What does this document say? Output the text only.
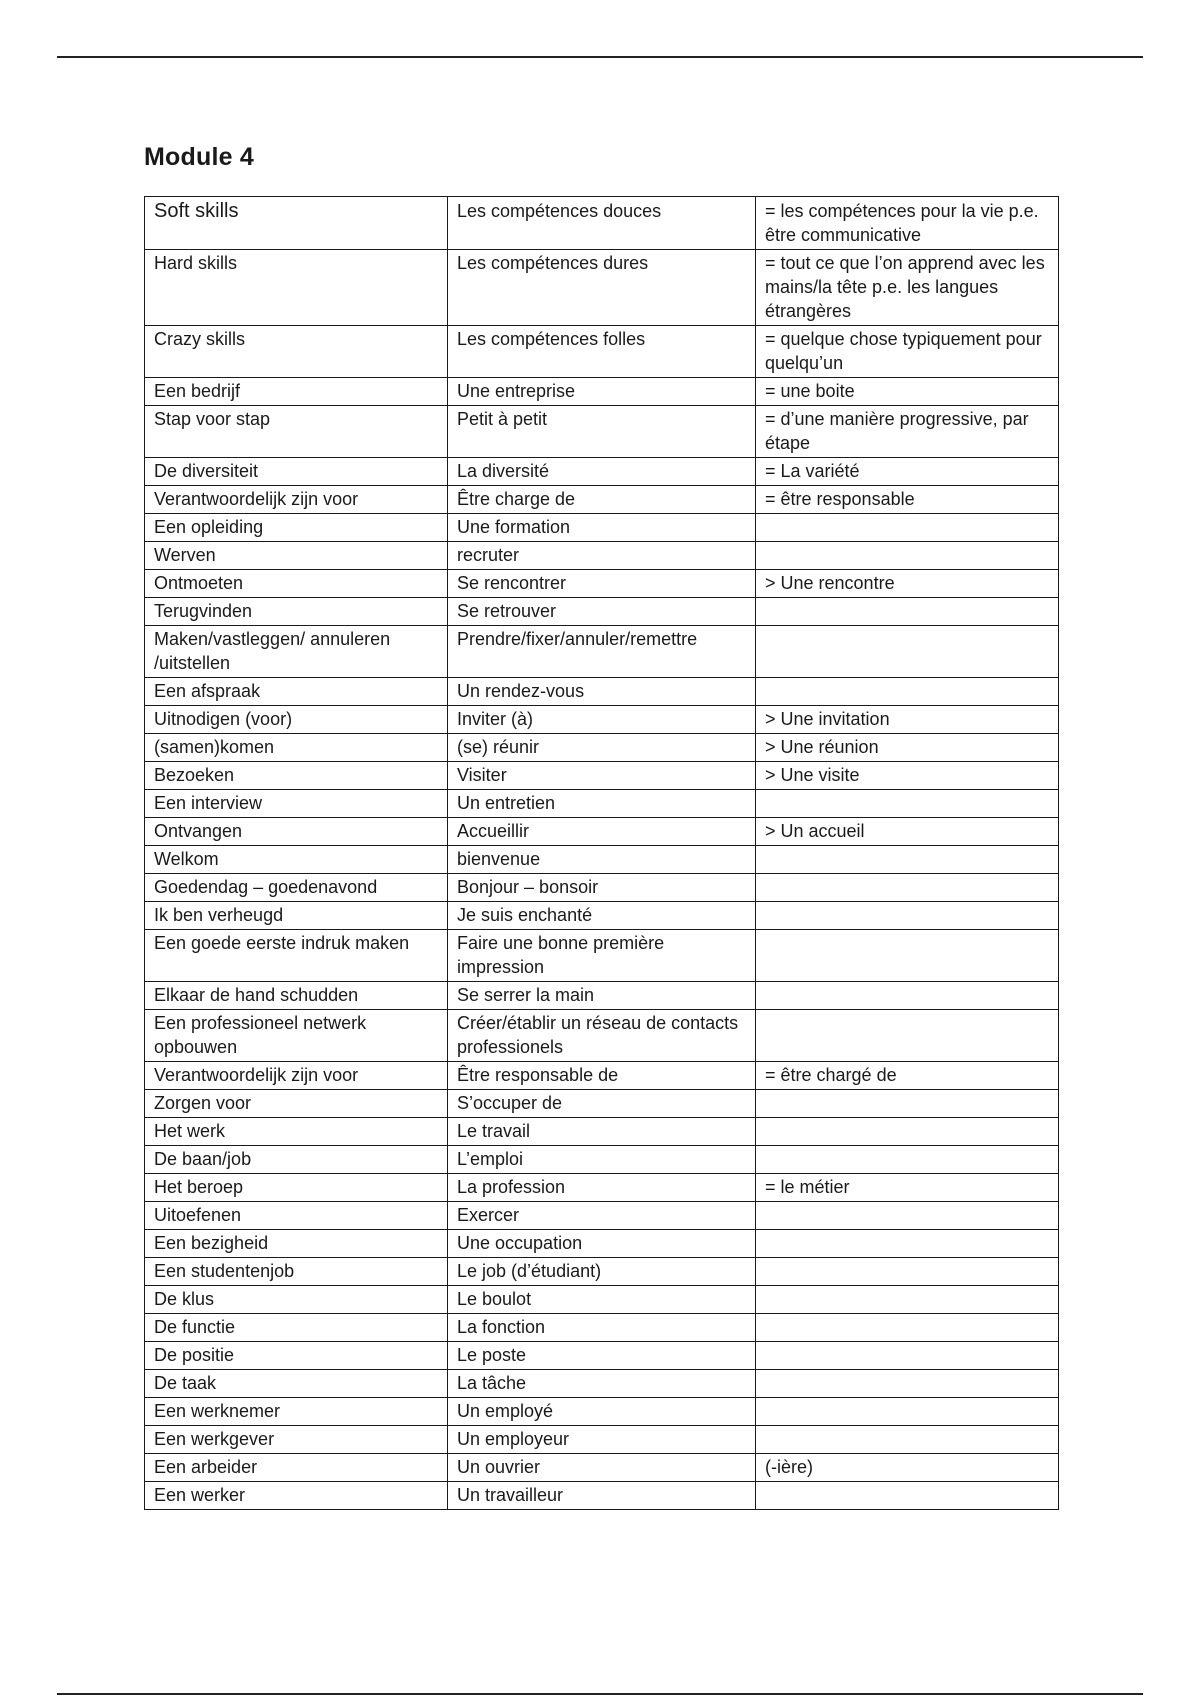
Module 4
Soft skills	Les compétences douces	= les compétences pour la vie p.e. être communicative
Hard skills	Les compétences dures	= tout ce que l’on apprend avec les mains/la tête p.e. les langues étrangères
Crazy skills	Les compétences folles	= quelque chose typiquement pour quelqu’un
Een bedrijf	Une entreprise	= une boite
Stap voor stap	Petit à petit	= d’une manière progressive, par étape
De diversiteit	La diversité	= La variété
Verantwoordelijk zijn voor	Être charge de	= être responsable
Een opleiding	Une formation	
Werven	recruter	
Ontmoeten	Se rencontrer	> Une rencontre
Terugvinden	Se retrouver	
Maken/vastleggen/ annuleren /uitstellen	Prendre/fixer/annuler/remettre	
Een afspraak	Un rendez-vous	
Uitnodigen (voor)	Inviter (à)	> Une invitation
(samen)komen	(se) réunir	> Une réunion
Bezoeken	Visiter	> Une visite
Een interview	Un entretien	
Ontvangen	Accueillir	> Un accueil
Welkom	bienvenue	
Goedendag – goedenavond	Bonjour – bonsoir	
Ik ben verheugd	Je suis enchanté	
Een goede eerste indruk maken	Faire une bonne première impression	
Elkaar de hand schudden	Se serrer la main	
Een professioneel netwerk opbouwen	Créer/établir un réseau de contacts professionels	
Verantwoordelijk zijn voor	Être responsable de	= être chargé de
Zorgen voor	S’occuper de	
Het werk	Le travail	
De baan/job	L’emploi	
Het beroep	La profession	= le métier
Uitoefenen	Exercer	
Een bezigheid	Une occupation	
Een studentenjob	Le job (d’étudiant)	
De klus	Le boulot	
De functie	La fonction	
De positie	Le poste	
De taak	La tâche	
Een werknemer	Un employé	
Een werkgever	Un employeur	
Een arbeider	Un ouvrier	(-ière)
Een werker	Un travailleur	
